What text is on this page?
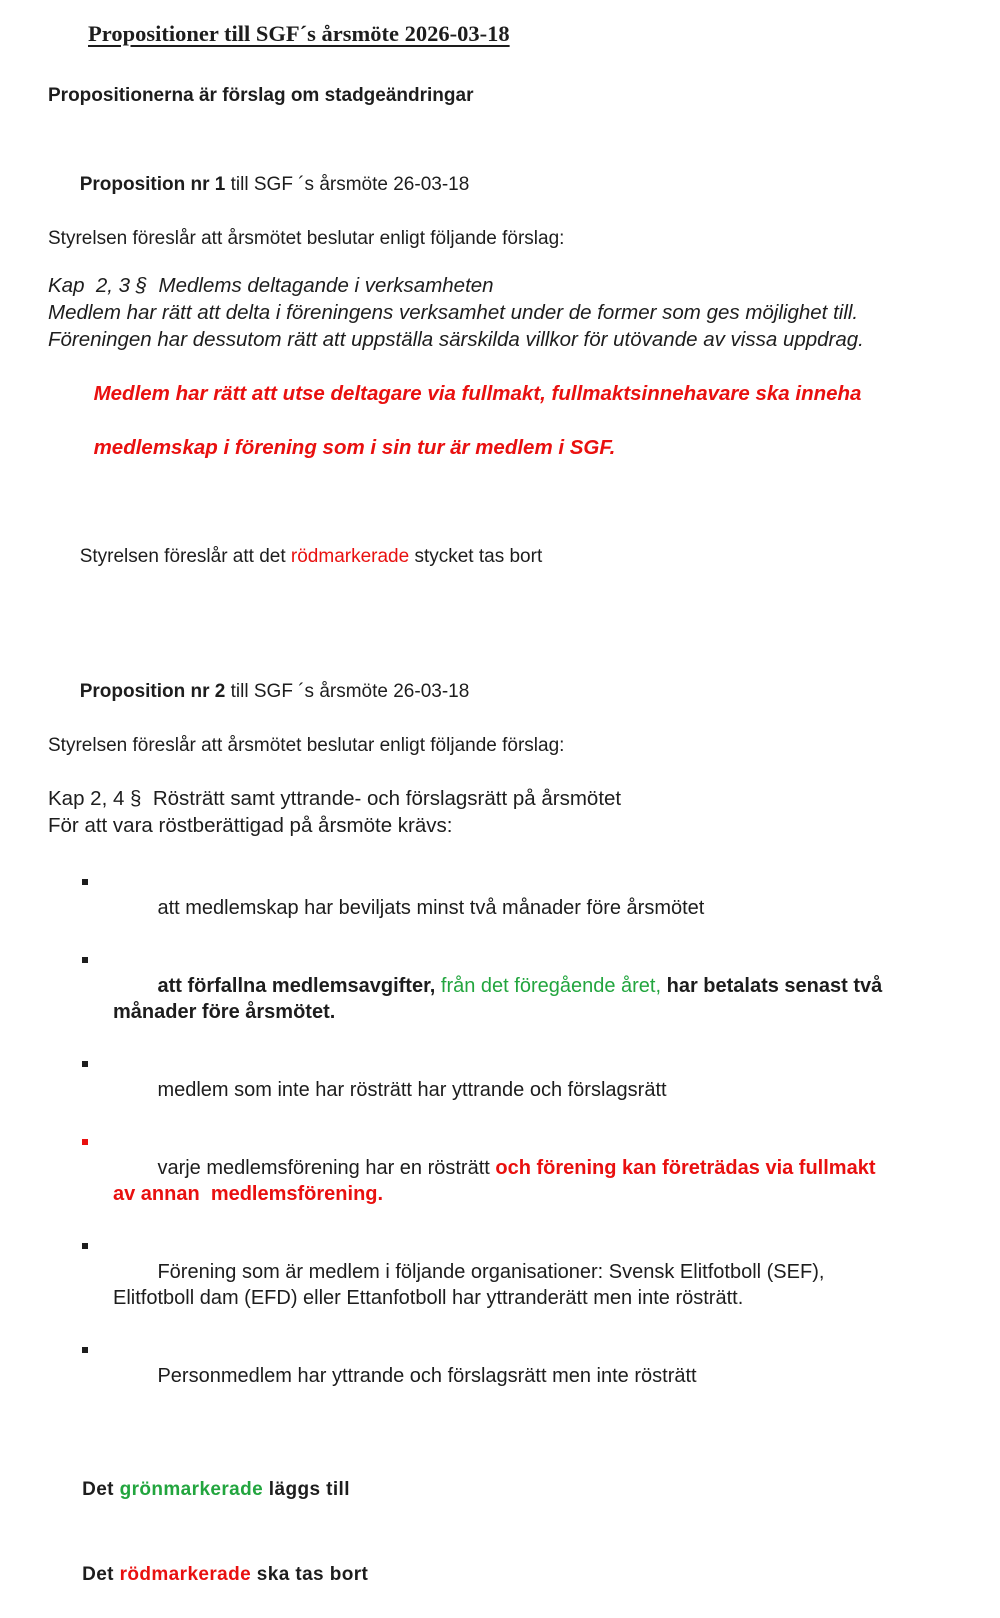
Propositioner till SGF´s årsmöte 2026-03-18

Propositionerna är förslag om stadgeändringar

Proposition nr 1 till SGF ´s årsmöte 26-03-18

Styrelsen föreslår att årsmötet beslutar enligt följande förslag:

Kap  2, 3 §  Medlems deltagande i verksamheten

Medlem har rätt att delta i föreningens verksamhet under de former som ges möjlighet till.

Föreningen har dessutom rätt att uppställa särskilda villkor för utövande av vissa uppdrag.

Medlem har rätt att utse deltagare via fullmakt, fullmaktsinnehavare ska inneha

medlemskap i förening som i sin tur är medlem i SGF.

Styrelsen föreslår att det rödmarkerade stycket tas bort

Proposition nr 2 till SGF ´s årsmöte 26-03-18

Styrelsen föreslår att årsmötet beslutar enligt följande förslag:

Kap 2, 4 §  Rösträtt samt yttrande- och förslagsrätt på årsmötet

För att vara röstberättigad på årsmöte krävs:

att medlemskap har beviljats minst två månader före årsmötet

att förfallna medlemsavgifter, från det föregående året, har betalats senast två månader före årsmötet.

medlem som inte har rösträtt har yttrande och förslagsrätt

varje medlemsförening har en rösträtt och förening kan företrädas via fullmakt av annan  medlemsförening.

Förening som är medlem i följande organisationer: Svensk Elitfotboll (SEF), Elitfotboll dam (EFD) eller Ettanfotboll har yttranderätt men inte rösträtt.

Personmedlem har yttrande och förslagsrätt men inte rösträtt

Det grönmarkerade läggs till

Det rödmarkerade ska tas bort
